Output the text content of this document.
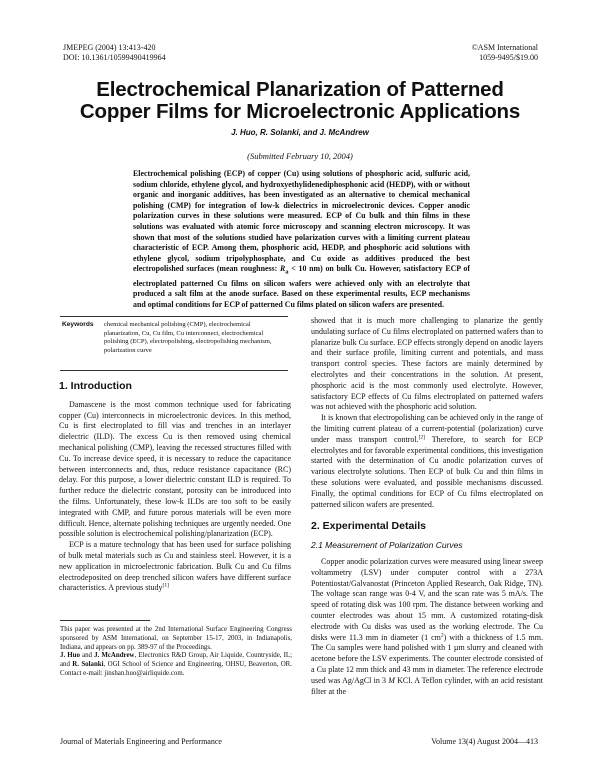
JMEPEG (2004) 13:413-420
DOI: 10.1361/10599490419964
©ASM International
1059-9495/$19.00
Electrochemical Planarization of Patterned
Copper Films for Microelectronic Applications
J. Huo, R. Solanki, and J. McAndrew
(Submitted February 10, 2004)
Electrochemical polishing (ECP) of copper (Cu) using solutions of phosphoric acid, sulfuric acid, sodium chloride, ethylene glycol, and hydroxyethylidenediphosphonic acid (HEDP), with or without organic and inorganic additives, has been investigated as an alternative to chemical mechanical polishing (CMP) for integration of low-k dielectrics in microelectronic devices. Copper anodic polarization curves in these solutions were measured. ECP of Cu bulk and thin films in these solutions was evaluated with atomic force microscopy and scanning electron microscopy. It was shown that most of the solutions studied have polarization curves with a limiting current plateau characteristic of ECP. Among them, phosphoric acid, HEDP, and phosphoric acid solutions with ethylene glycol, sodium tripolyphosphate, and Cu oxide as additives produced the best electropolished surfaces (mean roughness: $R_a < 10$ nm) on bulk Cu. However, satisfactory ECP of electroplated patterned Cu films on silicon wafers were achieved only with an electrolyte that produced a salt film at the anode surface. Based on these experimental results, ECP mechanisms and optimal conditions for ECP of patterned Cu films plated on silicon wafers are presented.
Keywords	chemical mechanical polishing (CMP), electrochemical planarization, Cu, Cu film, Cu interconnect, electrochemical polishing (ECP), electropolishing, electropolishing mechanism, polarization curve
1. Introduction

Damascene is the most common technique used for fabricating copper (Cu) interconnects in microelectronic devices. In this method, Cu is first electroplated to fill vias and trenches in an interlayer dielectric (ILD). The excess Cu is then removed using chemical mechanical polishing (CMP), leaving the recessed structures filled with Cu. To increase device speed, it is necessary to reduce the capacitance between interconnects and, thus, reduce resistance capacitance (RC) delay. For this purpose, a lower dielectric constant ILD is required. To further reduce the dielectric constant, porosity can be introduced into the films. Unfortunately, these low-k ILDs are too soft to be easily integrated with CMP, and future porous materials will be even more difficult. Hence, alternate polishing techniques are urgently needed. One possible solution is electrochemical polishing/planarization (ECP).

ECP is a mature technology that has been used for surface polishing of bulk metal materials such as Cu and stainless steel. However, it is a new application in microelectronic fabrication. Bulk Cu and Cu films electrodeposited on deep trenched silicon wafers have different surface characteristics. A previous study[1]

showed that it is much more challenging to planarize the gently undulating surface of Cu films electroplated on patterned wafers than to planarize bulk Cu surface. ECP effects strongly depend on anodic layers and their surface profile, limiting current and potentials, and mass transport control species. These factors are mainly determined by electrolytes and their concentrations in the solution. At present, phosphoric acid is the most commonly used electrolyte. However, satisfactory ECP effects of Cu films electroplated on patterned wafers was not achieved with the phosphoric acid solution.

It is known that electropolishing can be achieved only in the range of the limiting current plateau of a current-potential (polarization) curve under mass transport control.[2] Therefore, to search for ECP electrolytes and for favorable experimental conditions, this investigation started with the determination of Cu anodic polarization curves of various electrolyte solutions. Then ECP of bulk Cu and thin films in these solutions were evaluated, and possible mechanisms discussed. Finally, the optimal conditions for ECP of Cu films electroplated on patterned silicon wafers are presented.

2. Experimental Details
2.1 Measurement of Polarization Curves

Copper anodic polarization curves were measured using linear sweep voltammetry (LSV) under computer control with a 273A Potentiostat/Galvanostat (Princeton Applied Research, Oak Ridge, TN). The voltage scan range was 0-4 V, and the scan rate was 5 mA/s. The speed of rotating disk was 100 rpm. The distance between working and counter electrodes was about 15 mm. A customized rotating-disk electrode with Cu disks was used as the working electrode. The Cu disks were 11.3 mm in diameter (1 $cm^2$) with a thickness of 1.5 mm. The Cu samples were hand polished with 1 µm slurry and cleaned with acetone before the LSV experiments. The counter electrode consisted of a Cu plate 12 mm thick and 43 mm in diameter. The reference electrode used was Ag/AgCl in 3 M KCl. A Teflon cylinder, with an acid resistant filter at the

This paper was presented at the 2nd International Surface Engineering Congress sponsored by ASM International, on September 15-17, 2003, in Indianapolis, Indiana, and appears on pp. 389-97 of the Proceedings.

J. Huo and J. McAndrew, Electronics R&D Group, Air Liquide, Countryside, IL; and R. Solanki, OGI School of Science and Engineering, OHSU, Beaverton, OR. Contact e-mail: jinshan.huo@airliquide.com.

Journal of Materials Engineering and Performance	Volume 13(4) August 2004—413
